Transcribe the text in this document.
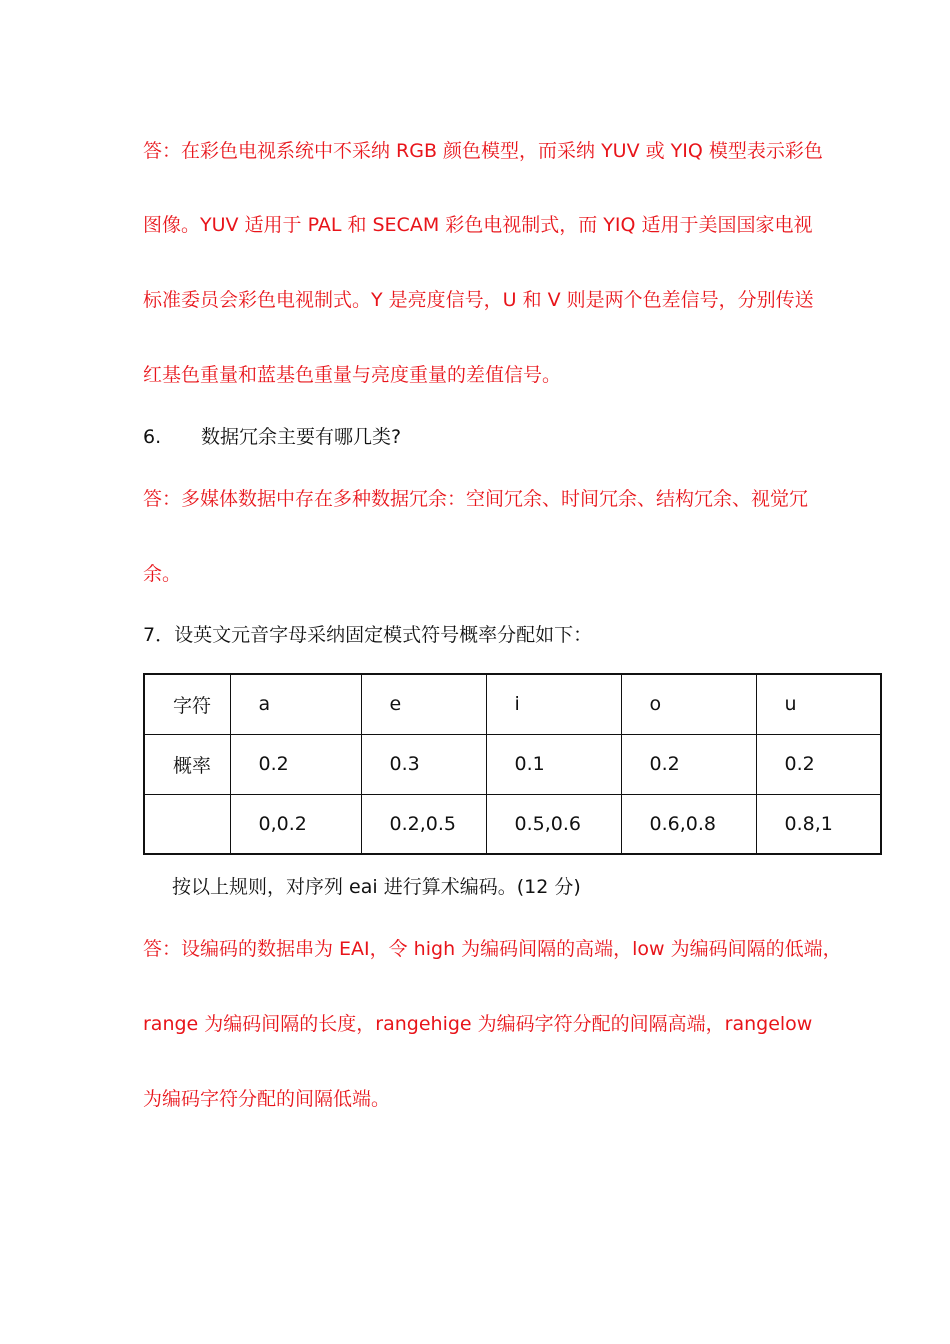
答：在彩色电视系统中不采纳 RGB 颜色模型，而采纳 YUV 或 YIQ 模型表示彩色
图像。YUV 适用于 PAL 和 SECAM 彩色电视制式，而 YIQ 适用于美国国家电视
标准委员会彩色电视制式。Y 是亮度信号，U 和 V 则是两个色差信号，分别传送
红基色重量和蓝基色重量与亮度重量的差值信号。
6. 数据冗余主要有哪几类?
答：多媒体数据中存在多种数据冗余：空间冗余、时间冗余、结构冗余、视觉冗
余。
7．设英文元音字母采纳固定模式符号概率分配如下：
字符	a	e	i	o	u
概率	0.2	0.3	0.1	0.2	0.2
	0,0.2	0.2,0.5	0.5,0.6	0.6,0.8	0.8,1
按以上规则，对序列 eai 进行算术编码。(12 分)
答：设编码的数据串为 EAI，令 high 为编码间隔的高端，low 为编码间隔的低端，
range 为编码间隔的长度，rangehige 为编码字符分配的间隔高端，rangelow
为编码字符分配的间隔低端。
